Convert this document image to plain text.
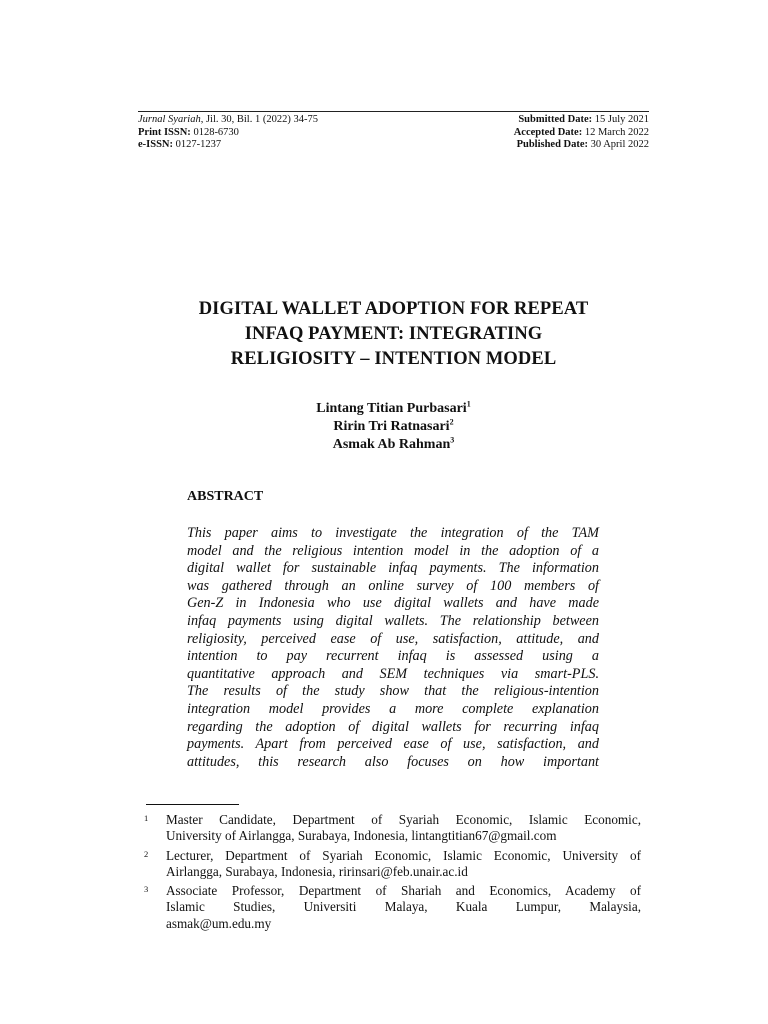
Jurnal Syariah, Jil. 30, Bil. 1 (2022) 34-75
Print ISSN: 0128-6730
e-ISSN: 0127-1237
Submitted Date: 15 July 2021
Accepted Date: 12 March 2022
Published Date: 30 April 2022
DIGITAL WALLET ADOPTION FOR REPEAT
INFAQ PAYMENT: INTEGRATING
RELIGIOSITY – INTENTION MODEL
Lintang Titian Purbasari$^1$
Ririn Tri Ratnasari$^2$
Asmak Ab Rahman$^3$
ABSTRACT
This paper aims to investigate the integration of the TAM
model and the religious intention model in the adoption of a
digital wallet for sustainable infaq payments. The information
was gathered through an online survey of 100 members of
Gen-Z in Indonesia who use digital wallets and have made
infaq payments using digital wallets. The relationship between
religiosity, perceived ease of use, satisfaction, attitude, and
intention to pay recurrent infaq is assessed using a
quantitative approach and SEM techniques via smart-PLS.
The results of the study show that the religious-intention
integration model provides a more complete explanation
regarding the adoption of digital wallets for recurring infaq
payments. Apart from perceived ease of use, satisfaction, and
attitudes, this research also focuses on how important
1 Master Candidate, Department of Syariah Economic, Islamic Economic,
University of Airlangga, Surabaya, Indonesia, lintangtitian67@gmail.com
2 Lecturer, Department of Syariah Economic, Islamic Economic, University of
Airlangga, Surabaya, Indonesia, ririnsari@feb.unair.ac.id
3 Associate Professor, Department of Shariah and Economics, Academy of
Islamic Studies, Universiti Malaya, Kuala Lumpur, Malaysia,
asmak@um.edu.my
